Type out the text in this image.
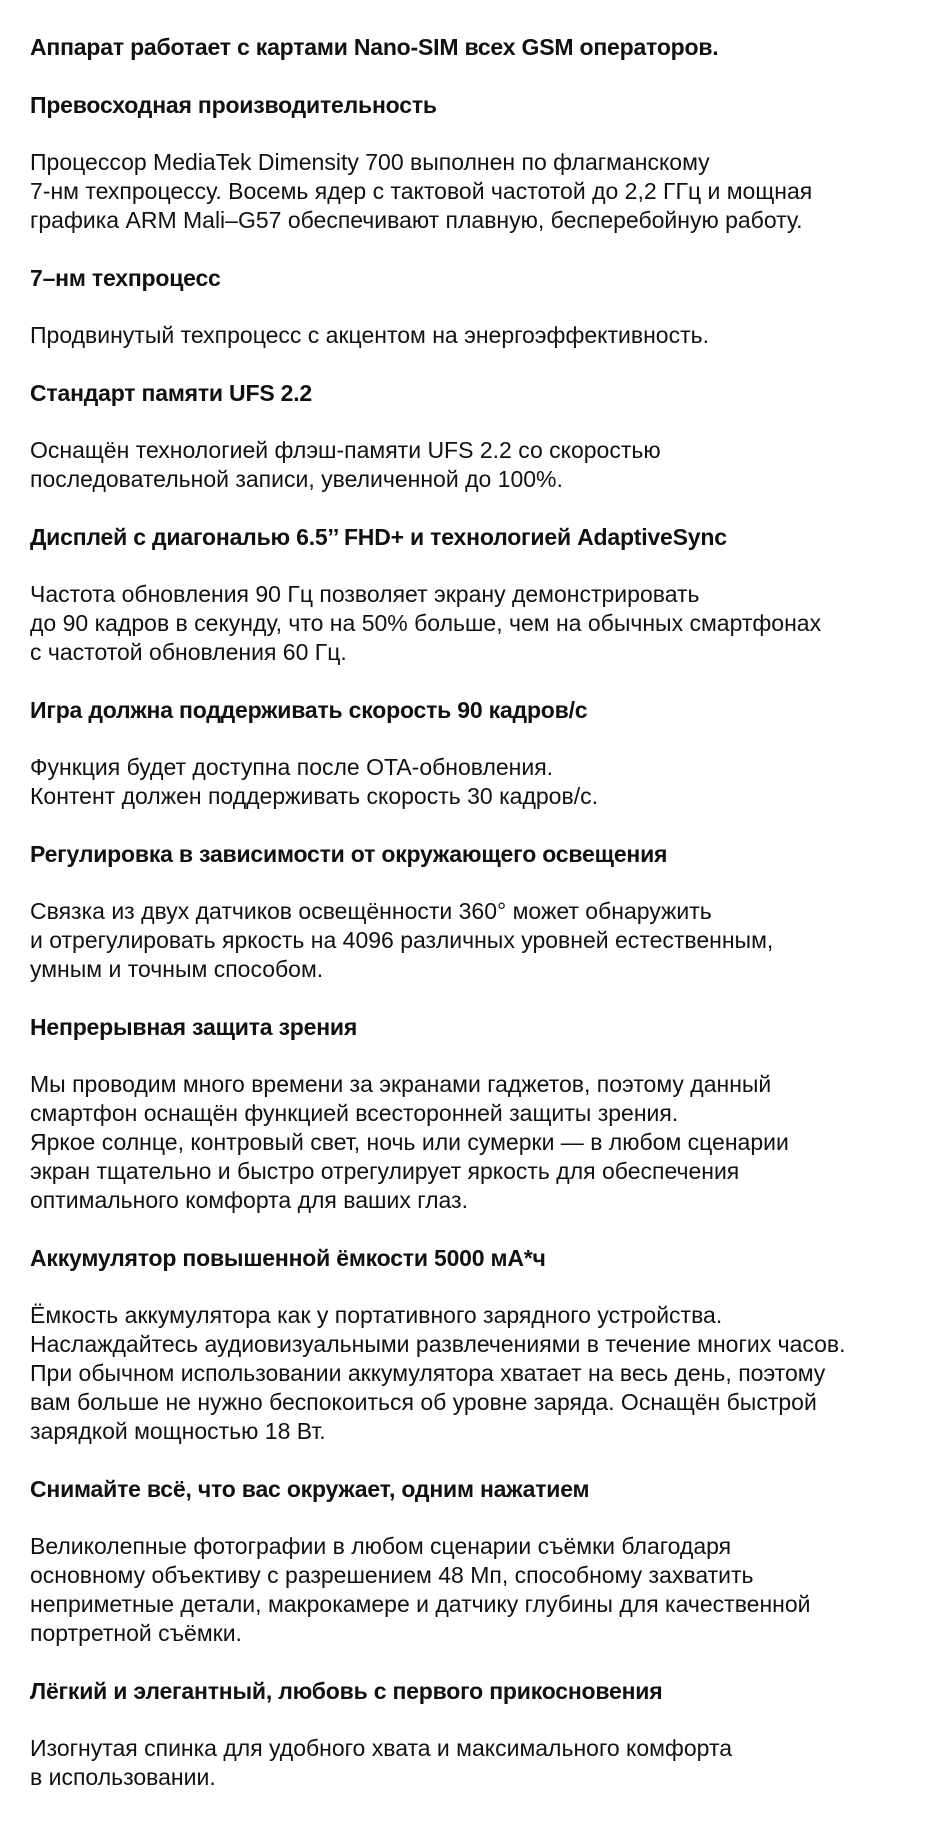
Аппарат работает с картами Nano-SIM всех GSM операторов.

Превосходная производительность

Процессор MediaTek Dimensity 700 выполнен по флагманскому
7-нм техпроцессу. Восемь ядер с тактовой частотой до 2,2 ГГц и мощная
графика ARM Mali–G57 обеспечивают плавную, бесперебойную работу.

7–нм техпроцесс

Продвинутый техпроцесс с акцентом на энергоэффективность.

Стандарт памяти UFS 2.2

Оснащён технологией флэш-памяти UFS 2.2 со скоростью
последовательной записи, увеличенной до 100%.

Дисплей с диагональю 6.5’’ FHD+ и технологией AdaptiveSync

Частота обновления 90 Гц позволяет экрану демонстрировать
до 90 кадров в секунду, что на 50% больше, чем на обычных смартфонах
с частотой обновления 60 Гц.

Игра должна поддерживать скорость 90 кадров/с

Функция будет доступна после OTA-обновления.
Контент должен поддерживать скорость 30 кадров/с.

Регулировка в зависимости от окружающего освещения

Связка из двух датчиков освещённости 360° может обнаружить
и отрегулировать яркость на 4096 различных уровней естественным,
умным и точным способом.

Непрерывная защита зрения

Мы проводим много времени за экранами гаджетов, поэтому данный
смартфон оснащён функцией всесторонней защиты зрения.
Яркое солнце, контровый свет, ночь или сумерки — в любом сценарии
экран тщательно и быстро отрегулирует яркость для обеспечения
оптимального комфорта для ваших глаз.

Аккумулятор повышенной ёмкости 5000 мА*ч

Ёмкость аккумулятора как у портативного зарядного устройства.
Наслаждайтесь аудиовизуальными развлечениями в течение многих часов.
При обычном использовании аккумулятора хватает на весь день, поэтому
вам больше не нужно беспокоиться об уровне заряда. Оснащён быстрой
зарядкой мощностью 18 Вт.

Снимайте всё, что вас окружает, одним нажатием

Великолепные фотографии в любом сценарии съёмки благодаря
основному объективу с разрешением 48 Мп, способному захватить
неприметные детали, макрокамере и датчику глубины для качественной
портретной съёмки.

Лёгкий и элегантный, любовь с первого прикосновения

Изогнутая спинка для удобного хвата и максимального комфорта
в использовании.
